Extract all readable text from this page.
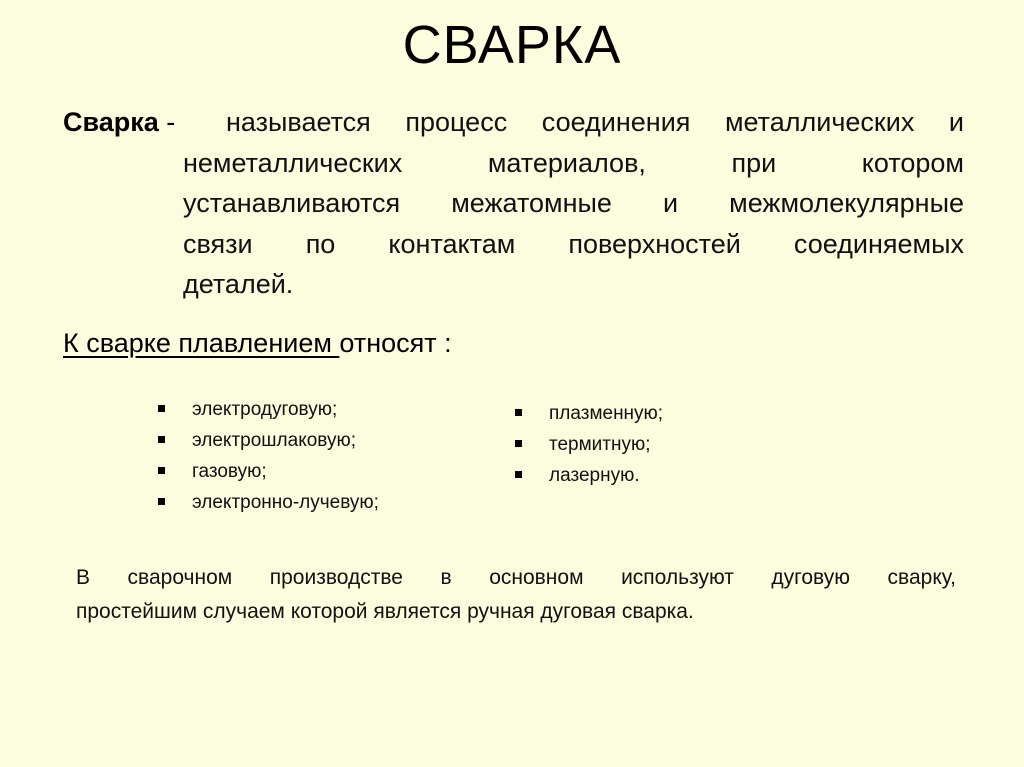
СВАРКА
Сварка -	называется процесс соединения металлических и
неметаллических материалов, при котором
устанавливаются межатомные и межмолекулярные
связи по контактам поверхностей соединяемых
деталей.
К сварке плавлением относят :
электродуговую;
электрошлаковую;
газовую;
электронно-лучевую;
плазменную;
термитную;
лазерную.
В сварочном производстве в основном используют дуговую сварку,
простейшим случаем которой является ручная дуговая сварка.
